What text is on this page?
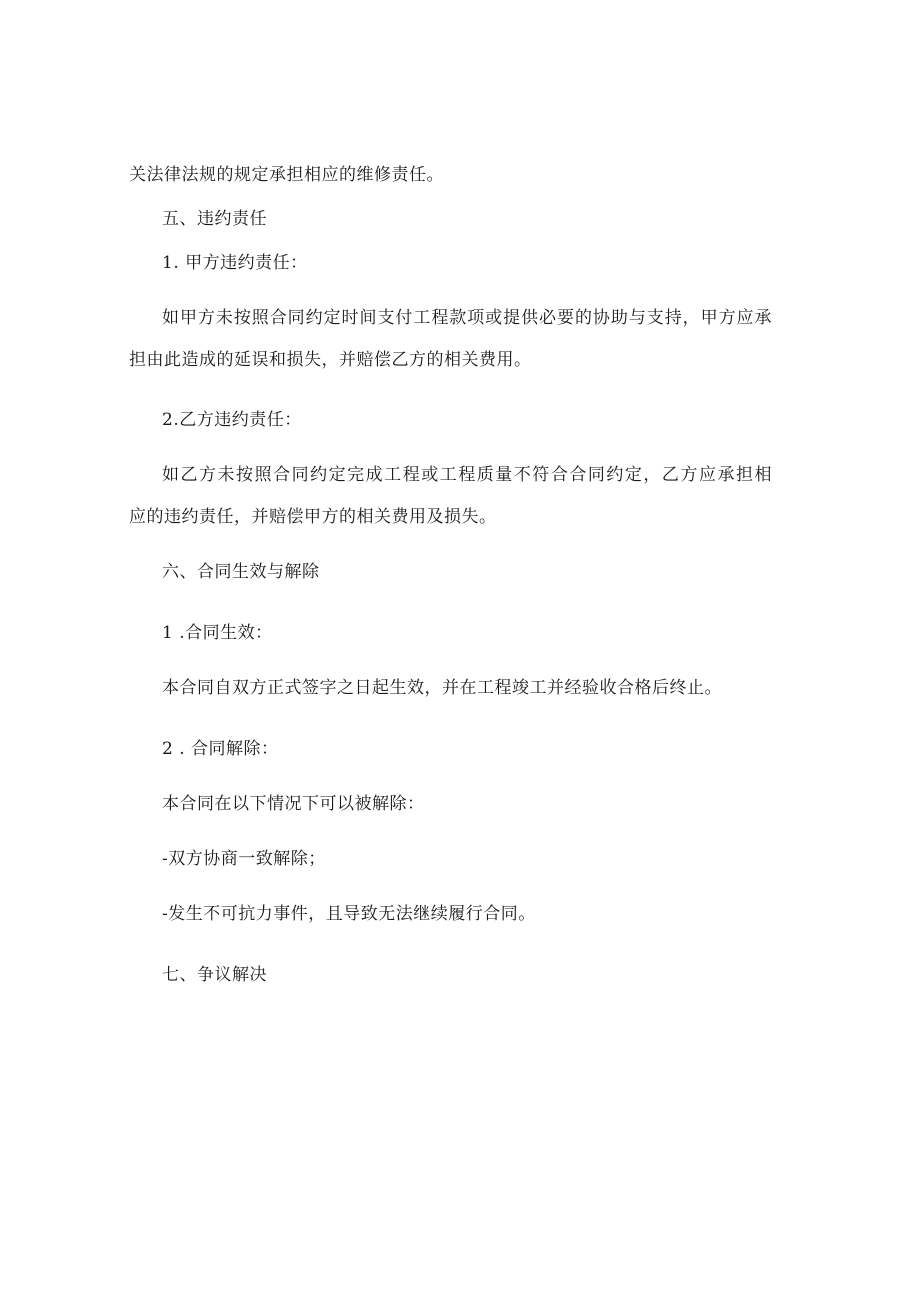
关法律法规的规定承担相应的维修责任。
五、违约责任
1. 甲方违约责任：
如甲方未按照合同约定时间支付工程款项或提供必要的协助与支持，甲方应承
担由此造成的延误和损失，并赔偿乙方的相关费用。
2.乙方违约责任：
如乙方未按照合同约定完成工程或工程质量不符合合同约定，乙方应承担相
应的违约责任，并赔偿甲方的相关费用及损失。
六、合同生效与解除
1 .合同生效：
本合同自双方正式签字之日起生效，并在工程竣工并经验收合格后终止。
2 . 合同解除：
本合同在以下情况下可以被解除：
-双方协商一致解除；
-发生不可抗力事件，且导致无法继续履行合同。
七、争议解决
